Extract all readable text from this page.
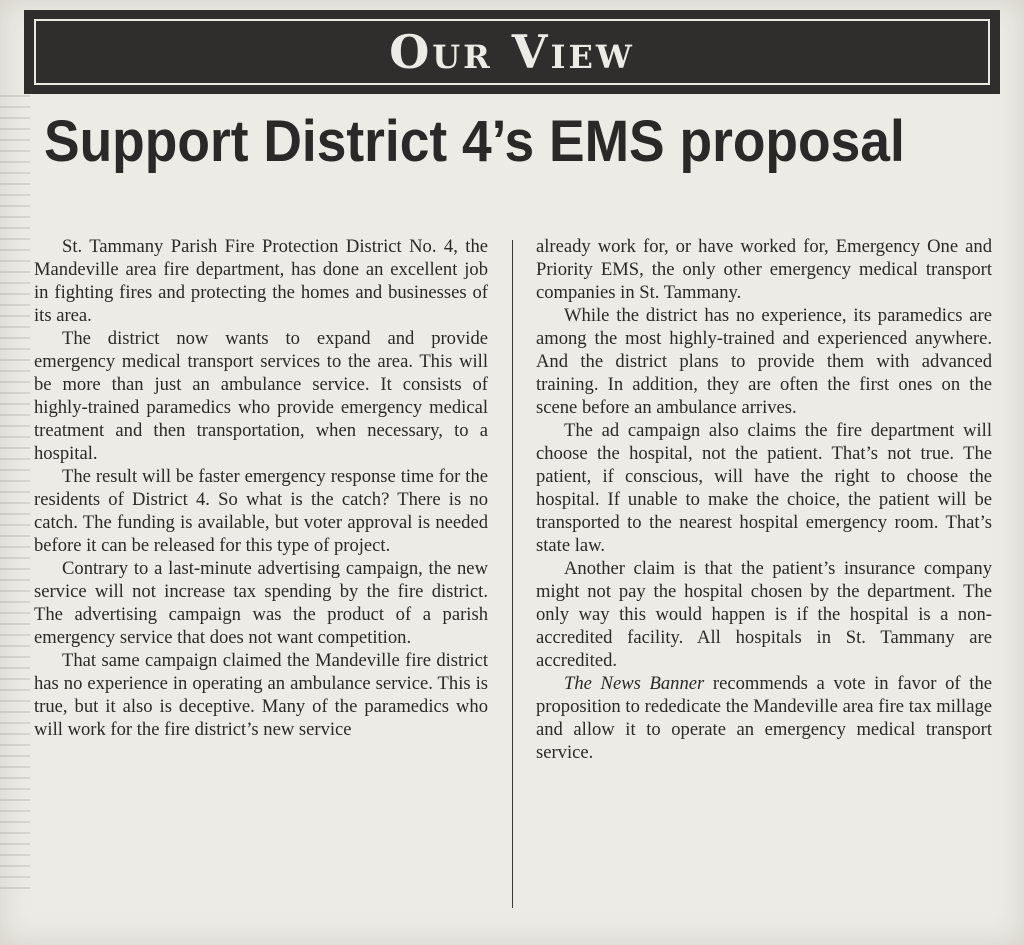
Our View
Support District 4’s EMS proposal

St. Tammany Parish Fire Protection District No. 4, the Mandeville area fire department, has done an excellent job in fighting fires and protecting the homes and businesses of its area.

The district now wants to expand and provide emergency medical transport services to the area. This will be more than just an ambulance service. It consists of highly-trained paramedics who provide emergency medical treatment and then transportation, when necessary, to a hospital.

The result will be faster emergency response time for the residents of District 4. So what is the catch? There is no catch. The funding is available, but voter approval is needed before it can be released for this type of project.

Contrary to a last-minute advertising campaign, the new service will not increase tax spending by the fire district. The advertising campaign was the product of a parish emergency service that does not want competition.

That same campaign claimed the Mandeville fire district has no experience in operating an ambulance service. This is true, but it also is deceptive. Many of the paramedics who will work for the fire district’s new service

already work for, or have worked for, Emergency One and Priority EMS, the only other emergency medical transport companies in St. Tammany.

While the district has no experience, its paramedics are among the most highly-trained and experienced anywhere. And the district plans to provide them with advanced training. In addition, they are often the first ones on the scene before an ambulance arrives.

The ad campaign also claims the fire department will choose the hospital, not the patient. That’s not true. The patient, if conscious, will have the right to choose the hospital. If unable to make the choice, the patient will be transported to the nearest hospital emergency room. That’s state law.

Another claim is that the patient’s insurance company might not pay the hospital chosen by the department. The only way this would happen is if the hospital is a non-accredited facility. All hospitals in St. Tammany are accredited.

The News Banner recommends a vote in favor of the proposition to rededicate the Mandeville area fire tax millage and allow it to operate an emergency medical transport service.
